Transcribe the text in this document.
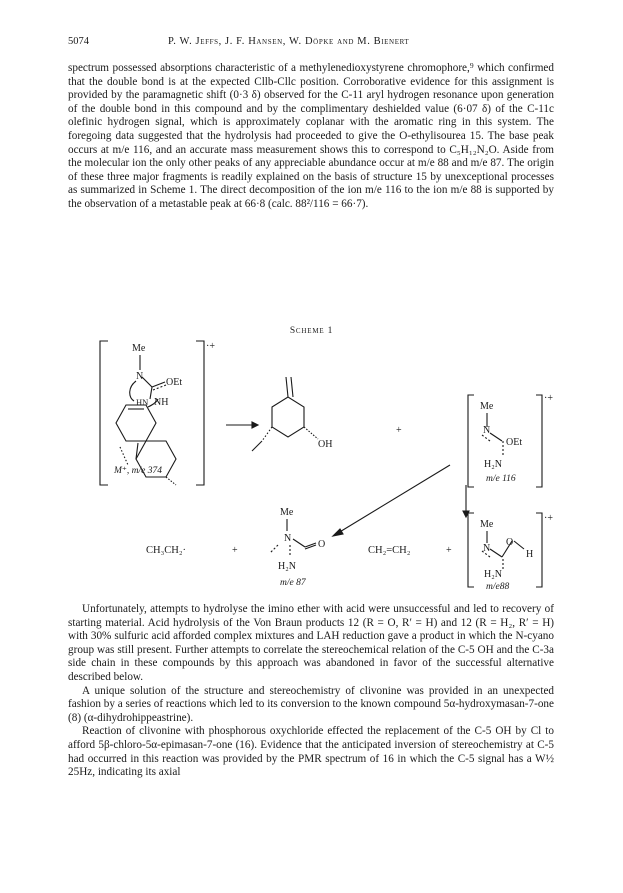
5074	P. W. Jeffs, J. F. Hansen, W. Döpke and M. Bienert

spectrum possessed absorptions characteristic of a methylenedioxystyrene chromophore,⁹ which confirmed that the double bond is at the expected Cllb-Cllc position. Corroborative evidence for this assignment is provided by the paramagnetic shift (0·3 δ) observed for the C-11 aryl hydrogen resonance upon generation of the double bond in this compound and by the complimentary deshielded value (6·07 δ) of the C-11c olefinic hydrogen signal, which is approximately coplanar with the aromatic ring in this system. The foregoing data suggested that the hydrolysis had proceeded to give the O-ethylisourea 15. The base peak occurs at m/e 116, and an accurate mass measurement shows this to correspond to C₅H₁₂N₂O. Aside from the molecular ion the only other peaks of any appreciable abundance occur at m/e 88 and m/e 87. The origin of these three major fragments is readily explained on the basis of structure 15 by unexceptional processes as summarized in Scheme 1. The direct decomposition of the ion m/e 116 to the ion m/e 88 is supported by the observation of a metastable peak at 66·8 (calc. 88²/116 = 66·7).

Scheme 1
Me
N
OEt
HN NH
·+
M⁺, m/e 374
OH
+
Me
N
OEt
H₂N
m/e 116
·+
CH₃CH₂·	+
Me
N
O
H₂N
m/e 87
CH₂=CH₂	+
Me
N
O
H
H₂N
m/e88
·+

Unfortunately, attempts to hydrolyse the imino ether with acid were unsuccessful and led to recovery of starting material. Acid hydrolysis of the Von Braun products 12 (R = O, R′ = H) and 12 (R = H₂, R′ = H) with 30% sulfuric acid afforded complex mixtures and LAH reduction gave a product in which the N-cyano group was still present. Further attempts to correlate the stereochemical relation of the C-5 OH and the C-3a side chain in these compounds by this approach was abandoned in favor of the successful alternative described below.

A unique solution of the structure and stereochemistry of clivonine was provided in an unexpected fashion by a series of reactions which led to its conversion to the known compound 5α-hydroxymasan-7-one (8) (α-dihydrohippeastrine).

Reaction of clivonine with phosphorous oxychloride effected the replacement of the C-5 OH by Cl to afford 5β-chloro-5α-epimasan-7-one (16). Evidence that the anticipated inversion of stereochemistry at C-5 had occurred in this reaction was provided by the PMR spectrum of 16 in which the C-5 signal has a W½ 25Hz, indicating its axial
